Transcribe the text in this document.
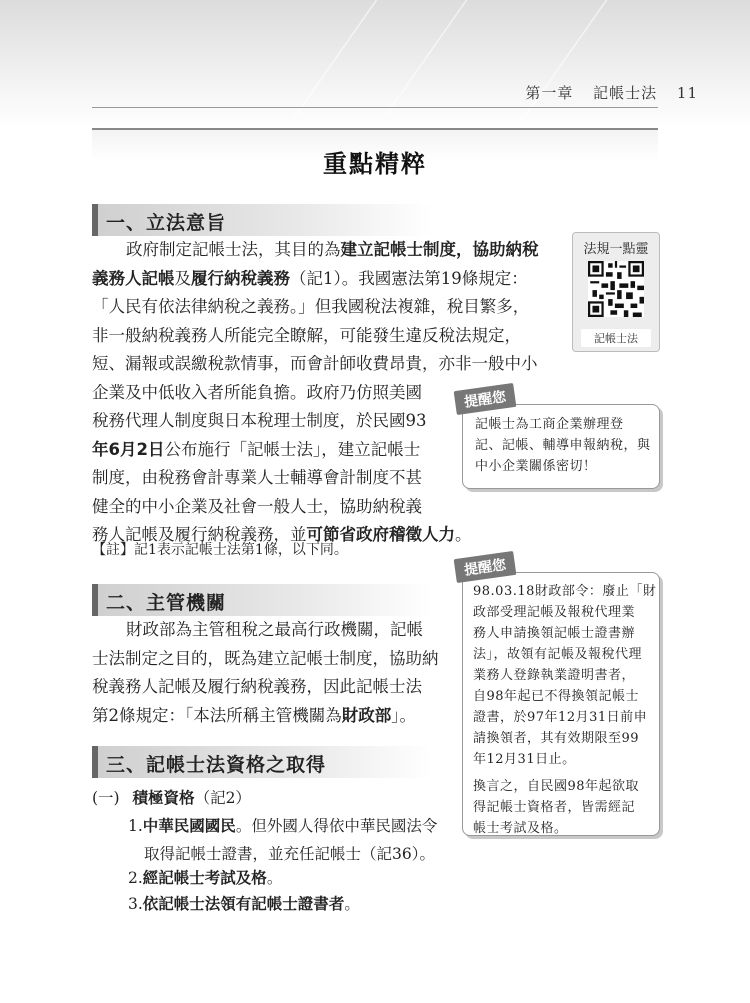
第一章 記帳士法 11
重點精粹
一、立法意旨
政府制定記帳士法，其目的為建立記帳士制度，協助納稅
義務人記帳及履行納稅義務（記1）。我國憲法第19條規定：
「人民有依法律納稅之義務。」但我國稅法複雜，稅目繁多，
非一般納稅義務人所能完全瞭解，可能發生違反稅法規定，
短、漏報或誤繳稅款情事，而會計師收費昂貴，亦非一般中小
企業及中低收入者所能負擔。政府乃仿照美國
稅務代理人制度與日本稅理士制度，於民國93
年6月2日公布施行「記帳士法」，建立記帳士
制度，由稅務會計專業人士輔導會計制度不甚
健全的中小企業及社會一般人士，協助納稅義
務人記帳及履行納稅義務，並可節省政府稽徵人力。
【註】記1表示記帳士法第1條，以下同。
法規一點靈
記帳士法
提醒您
記帳士為工商企業辦理登
記、記帳、輔導申報納稅，與
中小企業關係密切！
二、主管機關
財政部為主管租稅之最高行政機關，記帳
士法制定之目的，既為建立記帳士制度，協助納
稅義務人記帳及履行納稅義務，因此記帳士法
第2條規定：「本法所稱主管機關為財政部」。
提醒您
98.03.18財政部令：廢止「財
政部受理記帳及報稅代理業
務人申請換領記帳士證書辦
法」，故領有記帳及報稅代理
業務人登錄執業證明書者，
自98年起已不得換領記帳士
證書，於97年12月31日前申
請換領者，其有效期限至99
年12月31日止。
換言之，自民國98年起欲取
得記帳士資格者，皆需經記
帳士考試及格。
三、記帳士法資格之取得
(一) 積極資格（記2）
1.中華民國國民。但外國人得依中華民國法令
取得記帳士證書，並充任記帳士（記36）。
2.經記帳士考試及格。
3.依記帳士法領有記帳士證書者。
